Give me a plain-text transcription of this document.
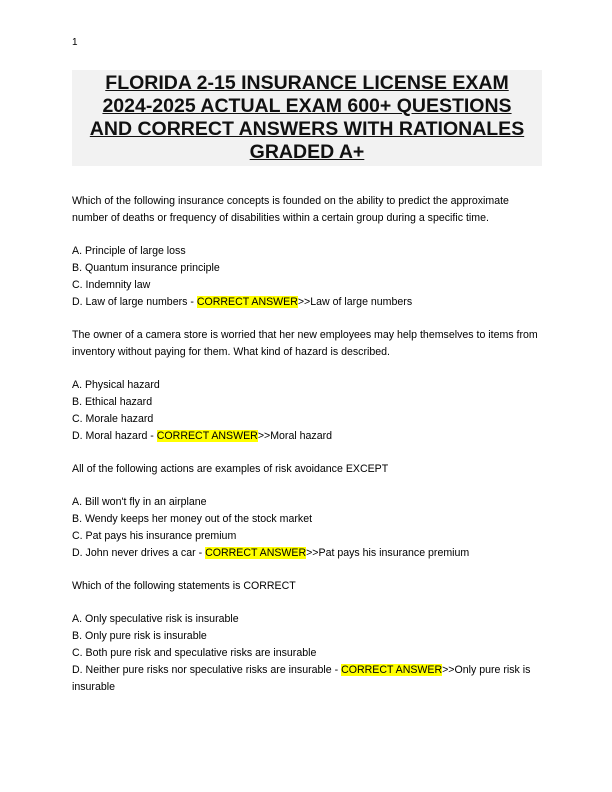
1
FLORIDA 2-15 INSURANCE LICENSE EXAM
2024-2025 ACTUAL EXAM 600+ QUESTIONS
AND CORRECT ANSWERS WITH RATIONALES
GRADED A+
Which of the following insurance concepts is founded on the ability to predict the approximate number of deaths or frequency of disabilities within a certain group during a specific time.
A. Principle of large loss
B. Quantum insurance principle
C. Indemnity law
D. Law of large numbers - CORRECT ANSWER>>Law of large numbers
The owner of a camera store is worried that her new employees may help themselves to items from inventory without paying for them. What kind of hazard is described.
A. Physical hazard
B. Ethical hazard
C. Morale hazard
D. Moral hazard - CORRECT ANSWER>>Moral hazard
All of the following actions are examples of risk avoidance EXCEPT
A. Bill won't fly in an airplane
B. Wendy keeps her money out of the stock market
C. Pat pays his insurance premium
D. John never drives a car - CORRECT ANSWER>>Pat pays his insurance premium
Which of the following statements is CORRECT
A. Only speculative risk is insurable
B. Only pure risk is insurable
C. Both pure risk and speculative risks are insurable
D. Neither pure risks nor speculative risks are insurable - CORRECT ANSWER>>Only pure risk is insurable
